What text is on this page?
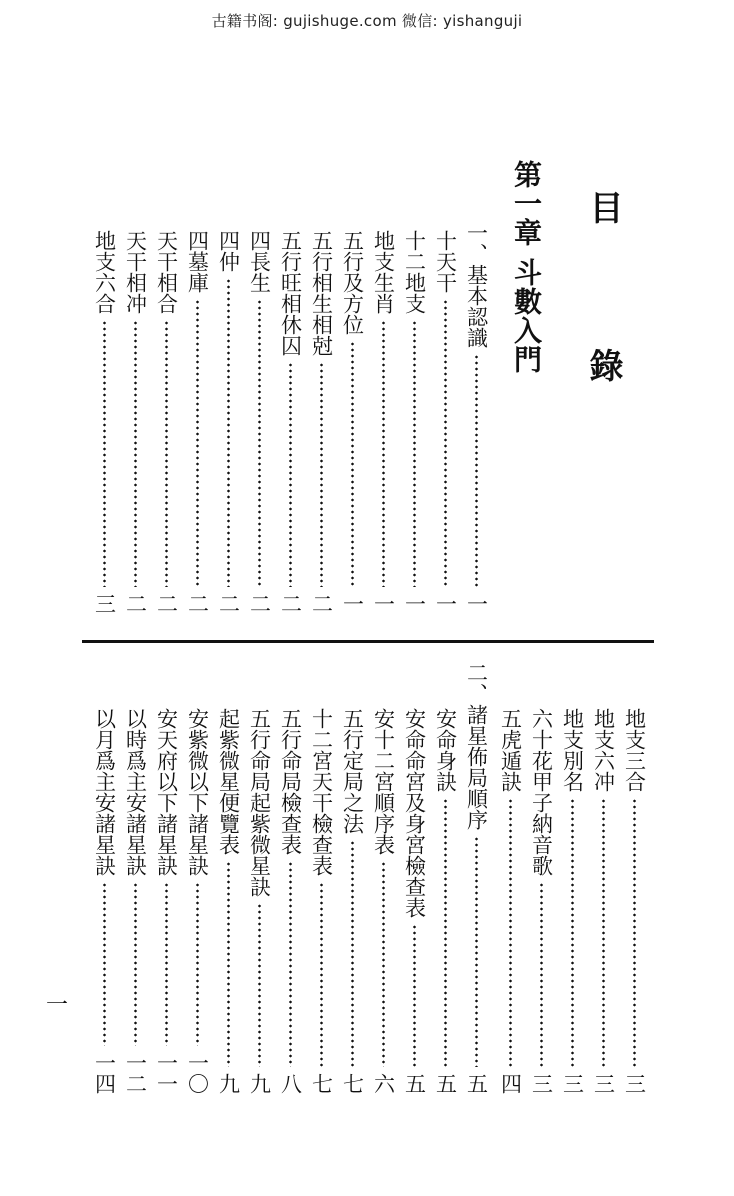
古籍书阁: gujishuge.com 微信: yishanguji
目 錄
第一章 斗數入門
一、基本認識
一
十天干
一
十二地支
一
地支生肖
一
五行及方位
一
五行相生相尅
二
五行旺相休囚
二
四長生
二
四仲
二
四墓庫
二
天干相合
二
天干相冲
二
地支六合
三
地支三合
三
地支六冲
三
地支別名
三
六十花甲子納音歌
三
五虎遁訣
四
二、諸星佈局順序
五
安命身訣
五
安命命宮及身宮檢查表
五
安十二宮順序表
六
五行定局之法
七
十二宮天干檢查表
七
五行命局檢查表
八
五行命局起紫微星訣
九
起紫微星便覽表
九
安紫微以下諸星訣
一〇
安天府以下諸星訣
一一
以時爲主安諸星訣
一二
以月爲主安諸星訣
一四
一
